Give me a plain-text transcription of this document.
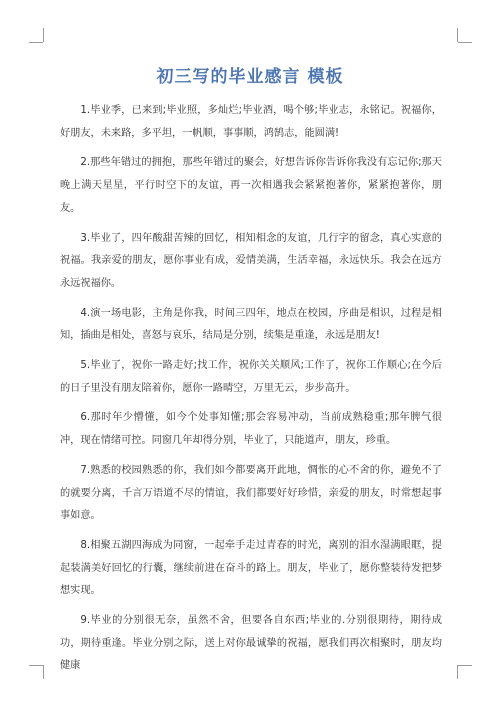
初三写的毕业感言 模板

1.毕业季，已来到;毕业照，多灿烂;毕业酒，喝个够;毕业志，永铭记。祝福你，好朋友，未来路，多平坦，一帆顺，事事顺，鸿鹄志，能圆满!

2.那些年错过的拥抱，那些年错过的聚会，好想告诉你告诉你我没有忘记你;那天晚上满天星星，平行时空下的友谊，再一次相遇我会紧紧抱著你，紧紧抱著你，朋友。

3.毕业了，四年酸甜苦辣的回忆，相知相念的友谊，几行字的留念，真心实意的祝福。我亲爱的朋友，愿你事业有成，爱情美满，生活幸福，永远快乐。我会在远方永远祝福你。

4.演一场电影，主角是你我，时间三四年，地点在校园，序曲是相识，过程是相知，插曲是相处，喜怒与哀乐，结局是分别，续集是重逢，永远是朋友!

5.毕业了，祝你一路走好;找工作，祝你关关顺风;工作了，祝你工作顺心;在今后的日子里没有朋友陪着你，愿你一路晴空，万里无云，步步高升。

6.那时年少懵懂，如今个处事知懂;那会容易冲动，当前成熟稳重;那年脾气很冲，现在情绪可控。同窗几年却得分别，毕业了，只能道声，朋友，珍重。

7.熟悉的校园熟悉的你，我们如今都要离开此地，惆怅的心不舍的你，避免不了的就要分离，千言万语道不尽的情谊，我们都要好好珍惜，亲爱的朋友，时常想起事事如意。

8.相聚五湖四海成为同窗，一起牵手走过青春的时光，离别的泪水湿满眼眶，提起装满美好回忆的行囊，继续前进在奋斗的路上。朋友，毕业了，愿你整装待发把梦想实现。

9.毕业的分别很无奈，虽然不舍，但要各自东西;毕业的.分别很期待，期待成功，期待重逢。毕业分别之际，送上对你最诚挚的祝福，愿我们再次相聚时，朋友均健康
